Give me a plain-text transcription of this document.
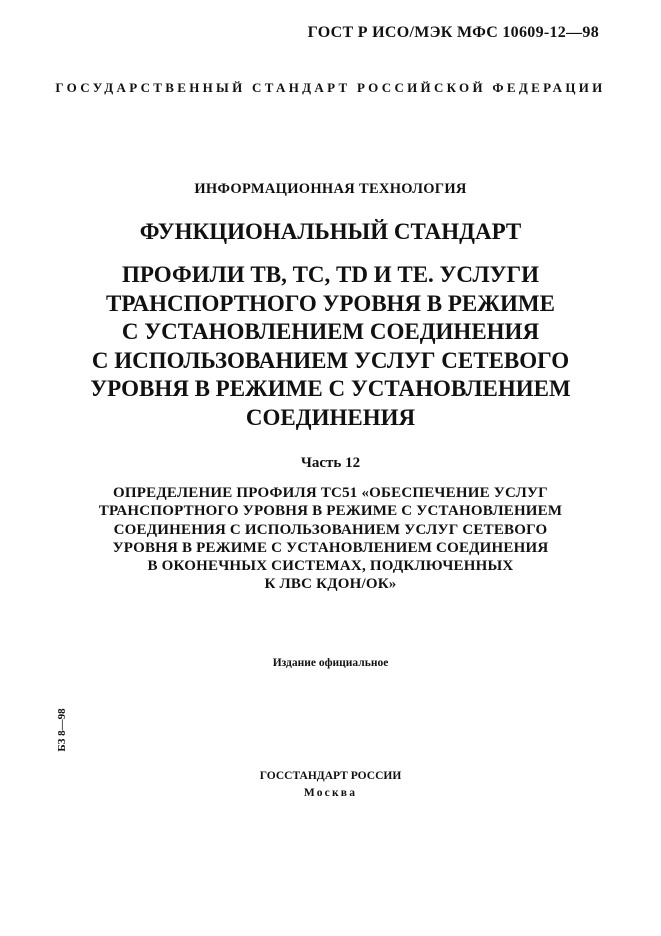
ГОСТ Р ИСО/МЭК МФС 10609-12—98
ГОСУДАРСТВЕННЫЙ СТАНДАРТ РОССИЙСКОЙ ФЕДЕРАЦИИ
ИНФОРМАЦИОННАЯ ТЕХНОЛОГИЯ
ФУНКЦИОНАЛЬНЫЙ СТАНДАРТ
ПРОФИЛИ ТВ, ТС, TD И ТЕ. УСЛУГИ
ТРАНСПОРТНОГО УРОВНЯ В РЕЖИМЕ
С УСТАНОВЛЕНИЕМ СОЕДИНЕНИЯ
С ИСПОЛЬЗОВАНИЕМ УСЛУГ СЕТЕВОГО
УРОВНЯ В РЕЖИМЕ С УСТАНОВЛЕНИЕМ
СОЕДИНЕНИЯ
Часть 12
ОПРЕДЕЛЕНИЕ ПРОФИЛЯ ТС51 «ОБЕСПЕЧЕНИЕ УСЛУГ
ТРАНСПОРТНОГО УРОВНЯ В РЕЖИМЕ С УСТАНОВЛЕНИЕМ
СОЕДИНЕНИЯ С ИСПОЛЬЗОВАНИЕМ УСЛУГ СЕТЕВОГО
УРОВНЯ В РЕЖИМЕ С УСТАНОВЛЕНИЕМ СОЕДИНЕНИЯ
В ОКОНЕЧНЫХ СИСТЕМАХ, ПОДКЛЮЧЕННЫХ
К ЛВС КДОН/ОК»
Издание официальное
БЗ 8—98
ГОССТАНДАРТ РОССИИ
Москва
